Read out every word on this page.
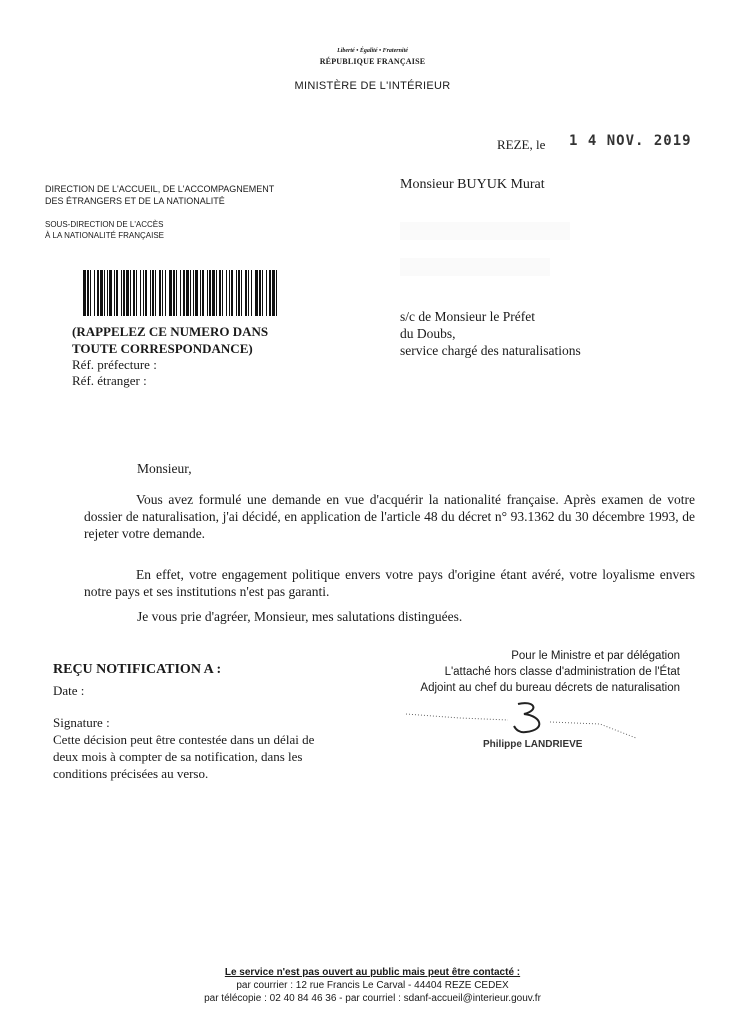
Liberté • Égalité • Fraternité
RÉPUBLIQUE FRANÇAISE
MINISTÈRE DE L'INTÉRIEUR
REZE, le 1 4 NOV. 2019
DIRECTION DE L'ACCUEIL, DE L'ACCOMPAGNEMENT
DES ÉTRANGERS ET DE LA NATIONALITÉ
SOUS-DIRECTION DE L'ACCÈS
À LA NATIONALITÉ FRANÇAISE
Monsieur BUYUK Murat
(RAPPELEZ CE NUMERO DANS
TOUTE CORRESPONDANCE)
Réf. préfecture :
Réf. étranger :
s/c de Monsieur le Préfet
du Doubs,
service chargé des naturalisations
Monsieur,
Vous avez formulé une demande en vue d'acquérir la nationalité française. Après examen de votre dossier de naturalisation, j'ai décidé, en application de l'article 48 du décret n° 93.1362 du 30 décembre 1993, de rejeter votre demande.
En effet, votre engagement politique envers votre pays d'origine étant avéré, votre loyalisme envers notre pays et ses institutions n'est pas garanti.
Je vous prie d'agréer, Monsieur, mes salutations distinguées.
REÇU NOTIFICATION A :
Date :
Signature :
Cette décision peut être contestée dans un délai de
deux mois à compter de sa notification, dans les
conditions précisées au verso.
Pour le Ministre et par délégation
L'attaché hors classe d'administration de l'État
Adjoint au chef du bureau décrets de naturalisation
Philippe LANDRIEVE
Le service n'est pas ouvert au public mais peut être contacté :
par courrier : 12 rue Francis Le Carval - 44404 REZE CEDEX
par télécopie : 02 40 84 46 36 - par courriel : sdanf-accueil@interieur.gouv.fr
